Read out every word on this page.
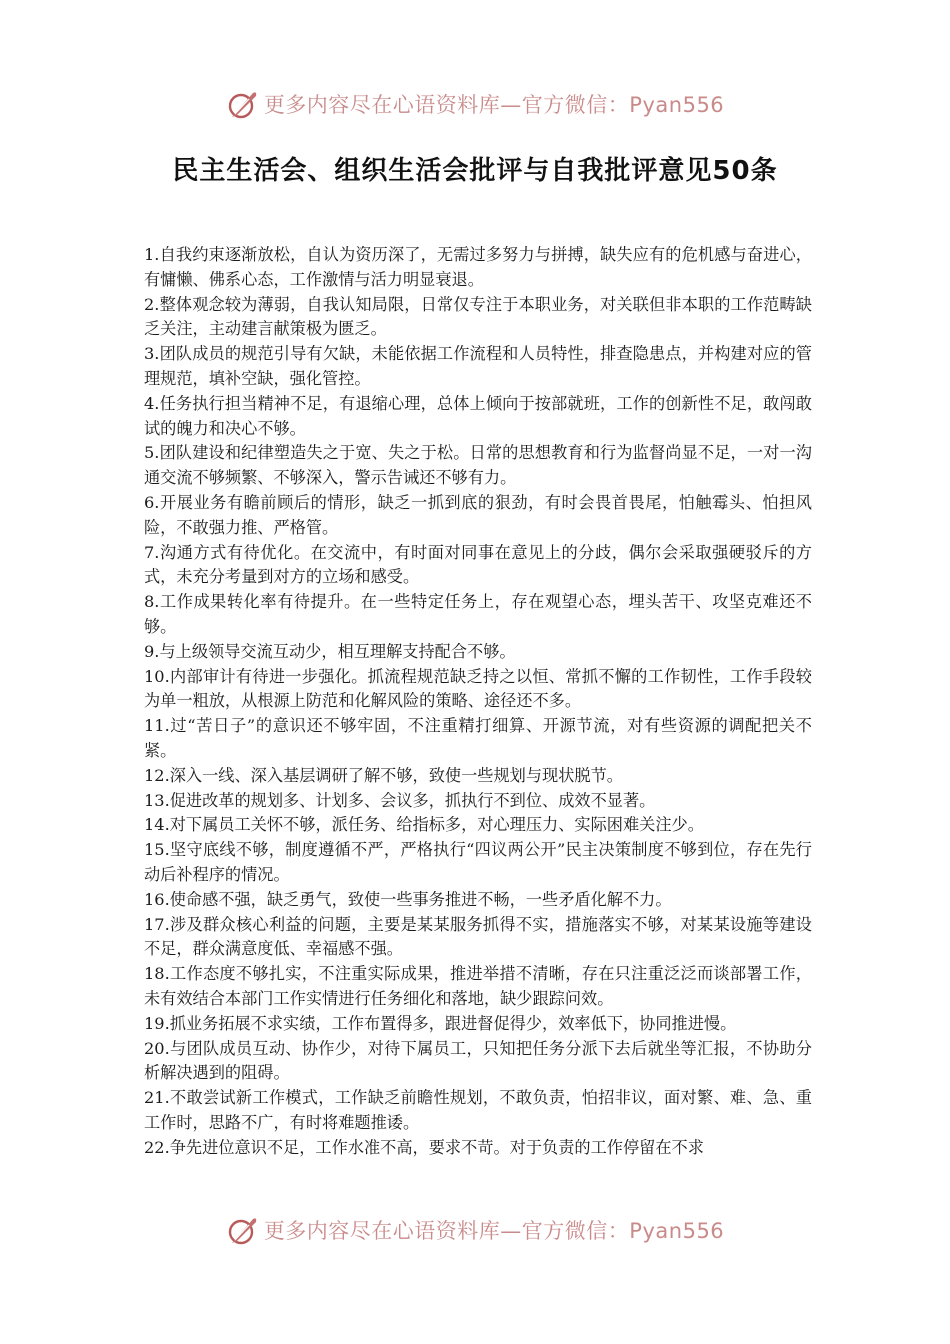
更多内容尽在心语资料库—官方微信：Pyan556
民主生活会、组织生活会批评与自我批评意见50条

1.自我约束逐渐放松，自认为资历深了，无需过多努力与拼搏，缺失应有的危机感与奋进心，有慵懒、佛系心态，工作激情与活力明显衰退。

2.整体观念较为薄弱，自我认知局限，日常仅专注于本职业务，对关联但非本职的工作范畴缺乏关注，主动建言献策极为匮乏。

3.团队成员的规范引导有欠缺，未能依据工作流程和人员特性，排查隐患点，并构建对应的管理规范，填补空缺，强化管控。

4.任务执行担当精神不足，有退缩心理，总体上倾向于按部就班，工作的创新性不足，敢闯敢试的魄力和决心不够。

5.团队建设和纪律塑造失之于宽、失之于松。日常的思想教育和行为监督尚显不足，一对一沟通交流不够频繁、不够深入，警示告诫还不够有力。

6.开展业务有瞻前顾后的情形，缺乏一抓到底的狠劲，有时会畏首畏尾，怕触霉头、怕担风险，不敢强力推、严格管。

7.沟通方式有待优化。在交流中，有时面对同事在意见上的分歧，偶尔会采取强硬驳斥的方式，未充分考量到对方的立场和感受。

8.工作成果转化率有待提升。在一些特定任务上，存在观望心态，埋头苦干、攻坚克难还不够。

9.与上级领导交流互动少，相互理解支持配合不够。

10.内部审计有待进一步强化。抓流程规范缺乏持之以恒、常抓不懈的工作韧性，工作手段较为单一粗放，从根源上防范和化解风险的策略、途径还不多。

11.过“苦日子”的意识还不够牢固，不注重精打细算、开源节流，对有些资源的调配把关不紧。

12.深入一线、深入基层调研了解不够，致使一些规划与现状脱节。

13.促进改革的规划多、计划多、会议多，抓执行不到位、成效不显著。

14.对下属员工关怀不够，派任务、给指标多，对心理压力、实际困难关注少。

15.坚守底线不够，制度遵循不严，严格执行“四议两公开”民主决策制度不够到位，存在先行动后补程序的情况。

16.使命感不强，缺乏勇气，致使一些事务推进不畅，一些矛盾化解不力。

17.涉及群众核心利益的问题，主要是某某服务抓得不实，措施落实不够，对某某设施等建设不足，群众满意度低、幸福感不强。

18.工作态度不够扎实，不注重实际成果，推进举措不清晰，存在只注重泛泛而谈部署工作，未有效结合本部门工作实情进行任务细化和落地，缺少跟踪问效。

19.抓业务拓展不求实绩，工作布置得多，跟进督促得少，效率低下，协同推进慢。

20.与团队成员互动、协作少，对待下属员工，只知把任务分派下去后就坐等汇报，不协助分析解决遇到的阻碍。

21.不敢尝试新工作模式，工作缺乏前瞻性规划，不敢负责，怕招非议，面对繁、难、急、重工作时，思路不广，有时将难题推诿。

22.争先进位意识不足，工作水准不高，要求不苛。对于负责的工作停留在不求

更多内容尽在心语资料库—官方微信：Pyan556
